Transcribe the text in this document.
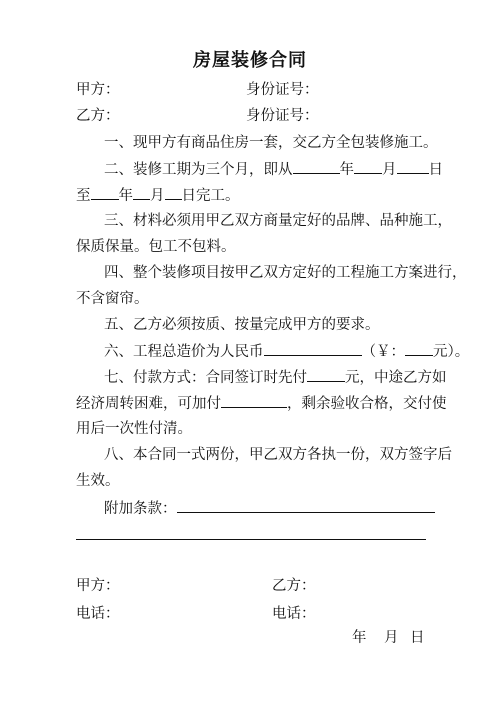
房屋装修合同
甲方：	身份证号：
乙方：	身份证号：
一、现甲方有商品住房一套，交乙方全包装修施工。
二、装修工期为三个月，即从	年 月 日
至 年 月 日完工。
三、材料必须用甲乙双方商量定好的品牌、品种施工，
保质保量。包工不包料。
四、整个装修项目按甲乙双方定好的工程施工方案进行，
不含窗帘。
五、乙方必须按质、按量完成甲方的要求。
六、工程总造价为人民币	（￥： 元）。
七、付款方式：合同签订时先付	元，中途乙方如
经济周转困难，可加付	，剩余验收合格，交付使
用后一次性付清。
八、本合同一式两份，甲乙双方各执一份，双方签字后
生效。
附加条款：
甲方：	乙方：
电话：	电话：
年 月 日
